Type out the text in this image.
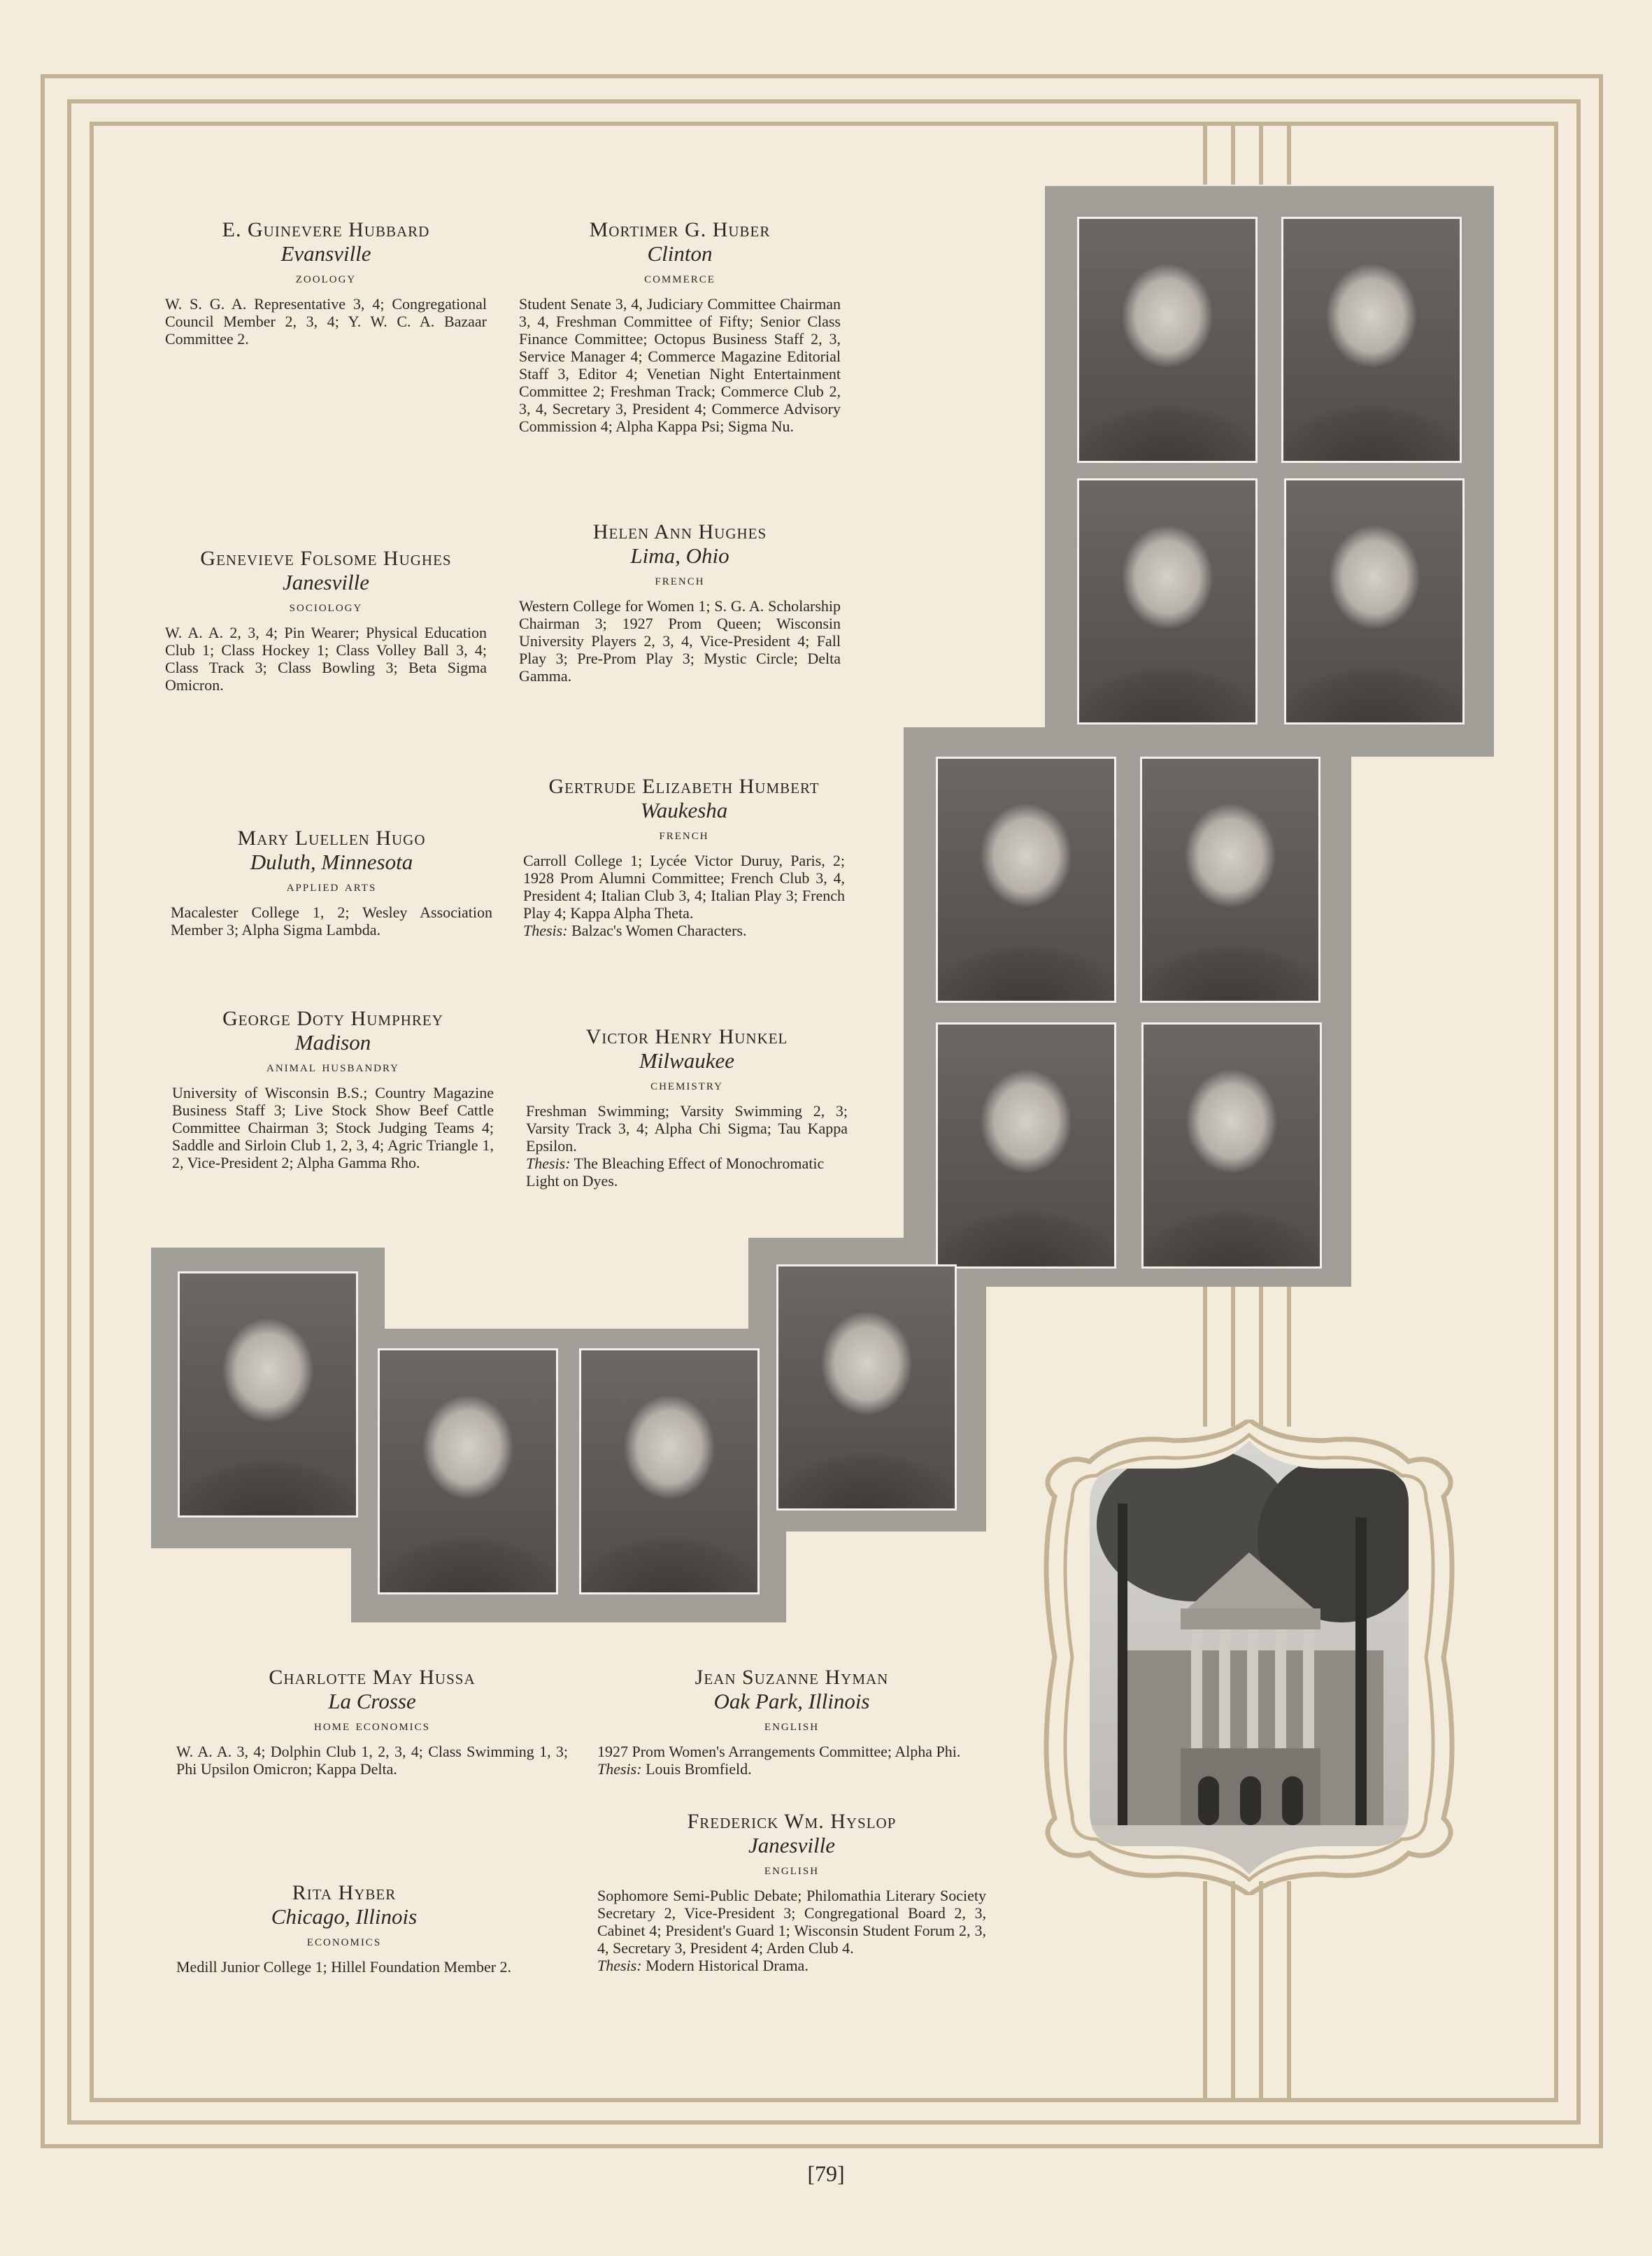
E. Guinevere Hubbard
Evansville
zoology
W. S. G. A. Representative 3, 4; Congregational Council Member 2, 3, 4; Y. W. C. A. Bazaar Committee 2.
Mortimer G. Huber
Clinton
commerce
Student Senate 3, 4, Judiciary Committee Chairman 3, 4, Freshman Committee of Fifty; Senior Class Finance Committee; Octopus Business Staff 2, 3, Service Manager 4; Commerce Magazine Editorial Staff 3, Editor 4; Venetian Night Entertainment Committee 2; Freshman Track; Commerce Club 2, 3, 4, Secretary 3, President 4; Commerce Advisory Commission 4; Alpha Kappa Psi; Sigma Nu.
Genevieve Folsome Hughes
Janesville
sociology
W. A. A. 2, 3, 4; Pin Wearer; Physical Education Club 1; Class Hockey 1; Class Volley Ball 3, 4; Class Track 3; Class Bowling 3; Beta Sigma Omicron.
Helen Ann Hughes
Lima, Ohio
french
Western College for Women 1; S. G. A. Scholarship Chairman 3; 1927 Prom Queen; Wisconsin University Players 2, 3, 4, Vice-President 4; Fall Play 3; Pre-Prom Play 3; Mystic Circle; Delta Gamma.
Mary Luellen Hugo
Duluth, Minnesota
applied arts
Macalester College 1, 2; Wesley Association Member 3; Alpha Sigma Lambda.
Gertrude Elizabeth Humbert
Waukesha
french
Carroll College 1; Lycée Victor Duruy, Paris, 2; 1928 Prom Alumni Committee; French Club 3, 4, President 4; Italian Club 3, 4; Italian Play 3; French Play 4; Kappa Alpha Theta.
Thesis: Balzac's Women Characters.
George Doty Humphrey
Madison
animal husbandry
University of Wisconsin B.S.; Country Magazine Business Staff 3; Live Stock Show Beef Cattle Committee Chairman 3; Stock Judging Teams 4; Saddle and Sirloin Club 1, 2, 3, 4; Agric Triangle 1, 2, Vice-President 2; Alpha Gamma Rho.
Victor Henry Hunkel
Milwaukee
chemistry
Freshman Swimming; Varsity Swimming 2, 3; Varsity Track 3, 4; Alpha Chi Sigma; Tau Kappa Epsilon.
Thesis: The Bleaching Effect of Monochromatic Light on Dyes.
Charlotte May Hussa
La Crosse
home economics
W. A. A. 3, 4; Dolphin Club 1, 2, 3, 4; Class Swimming 1, 3; Phi Upsilon Omicron; Kappa Delta.
Jean Suzanne Hyman
Oak Park, Illinois
english
1927 Prom Women's Arrangements Committee; Alpha Phi.
Thesis: Louis Bromfield.
Frederick Wm. Hyslop
Janesville
english
Sophomore Semi-Public Debate; Philomathia Literary Society Secretary 2, Vice-President 3; Congregational Board 2, 3, Cabinet 4; President's Guard 1; Wisconsin Student Forum 2, 3, 4, Secretary 3, President 4; Arden Club 4.
Thesis: Modern Historical Drama.
Rita Hyber
Chicago, Illinois
economics
Medill Junior College 1; Hillel Foundation Member 2.
[79]
